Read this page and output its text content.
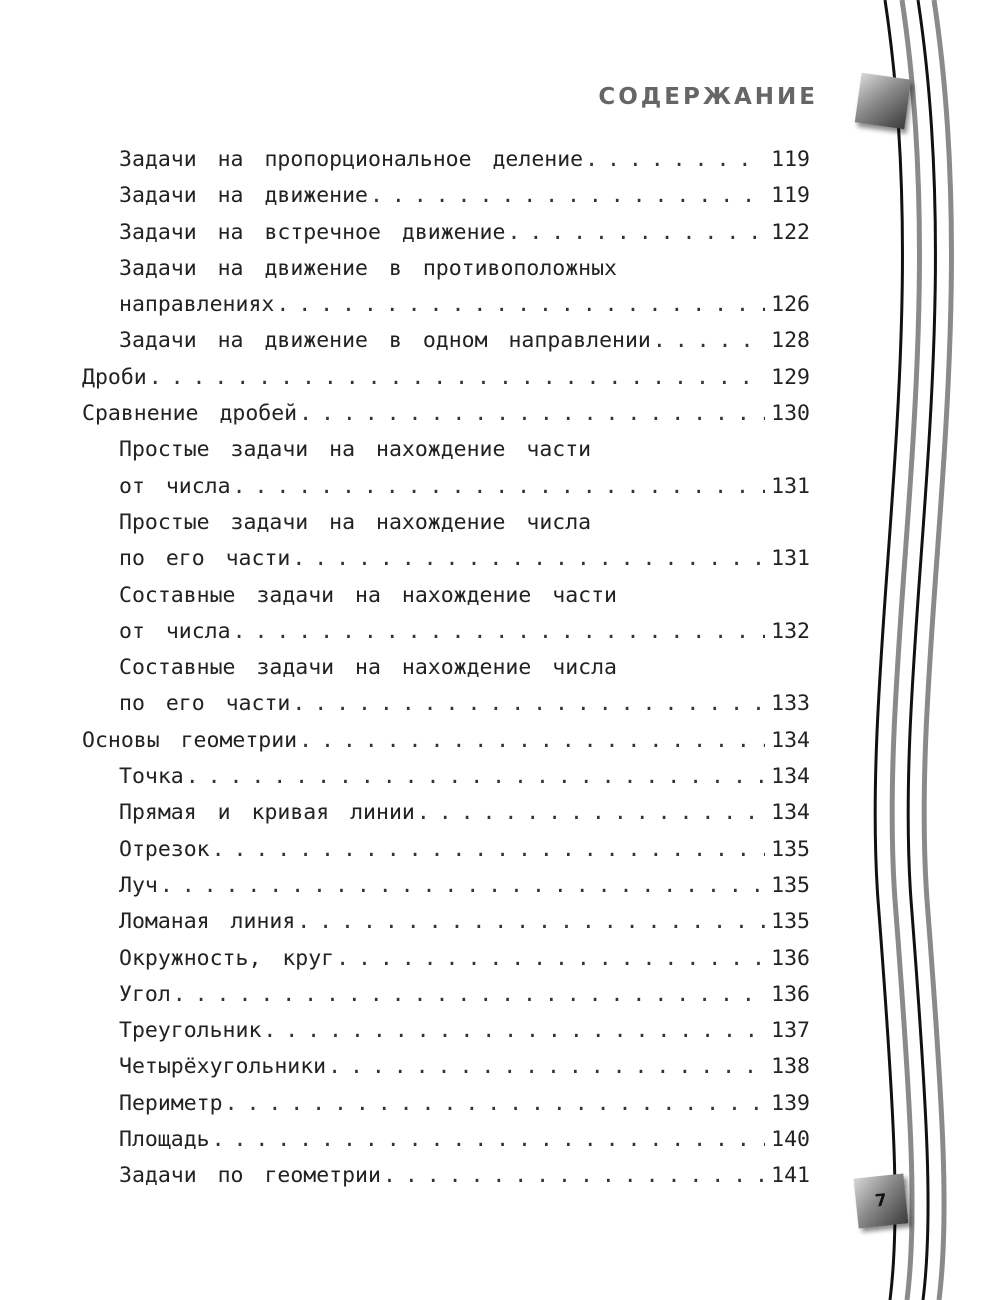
СОДЕРЖАНИЕ
7
Задачи на пропорциональное деление . . .	119
Задачи на движение . . .	119
Задачи на встречное движение . . .	122
Задачи на движение в противоположных
направлениях . . .	126
Задачи на движение в одном направлении . . .	128
Дроби . . .	129
Сравнение дробей . . .	130
Простые задачи на нахождение части
от числа . . .	131
Простые задачи на нахождение числа
по его части . . .	131
Составные задачи на нахождение части
от числа . . .	132
Составные задачи на нахождение числа
по его части . . .	133
Основы геометрии . . .	134
Точка . . .	134
Прямая и кривая линии . . .	134
Отрезок . . .	135
Луч . . .	135
Ломаная линия . . .	135
Окружность, круг . . .	136
Угол . . .	136
Треугольник . . .	137
Четырёхугольники . . .	138
Периметр . . .	139
Площадь . . .	140
Задачи по геометрии . . .	141
